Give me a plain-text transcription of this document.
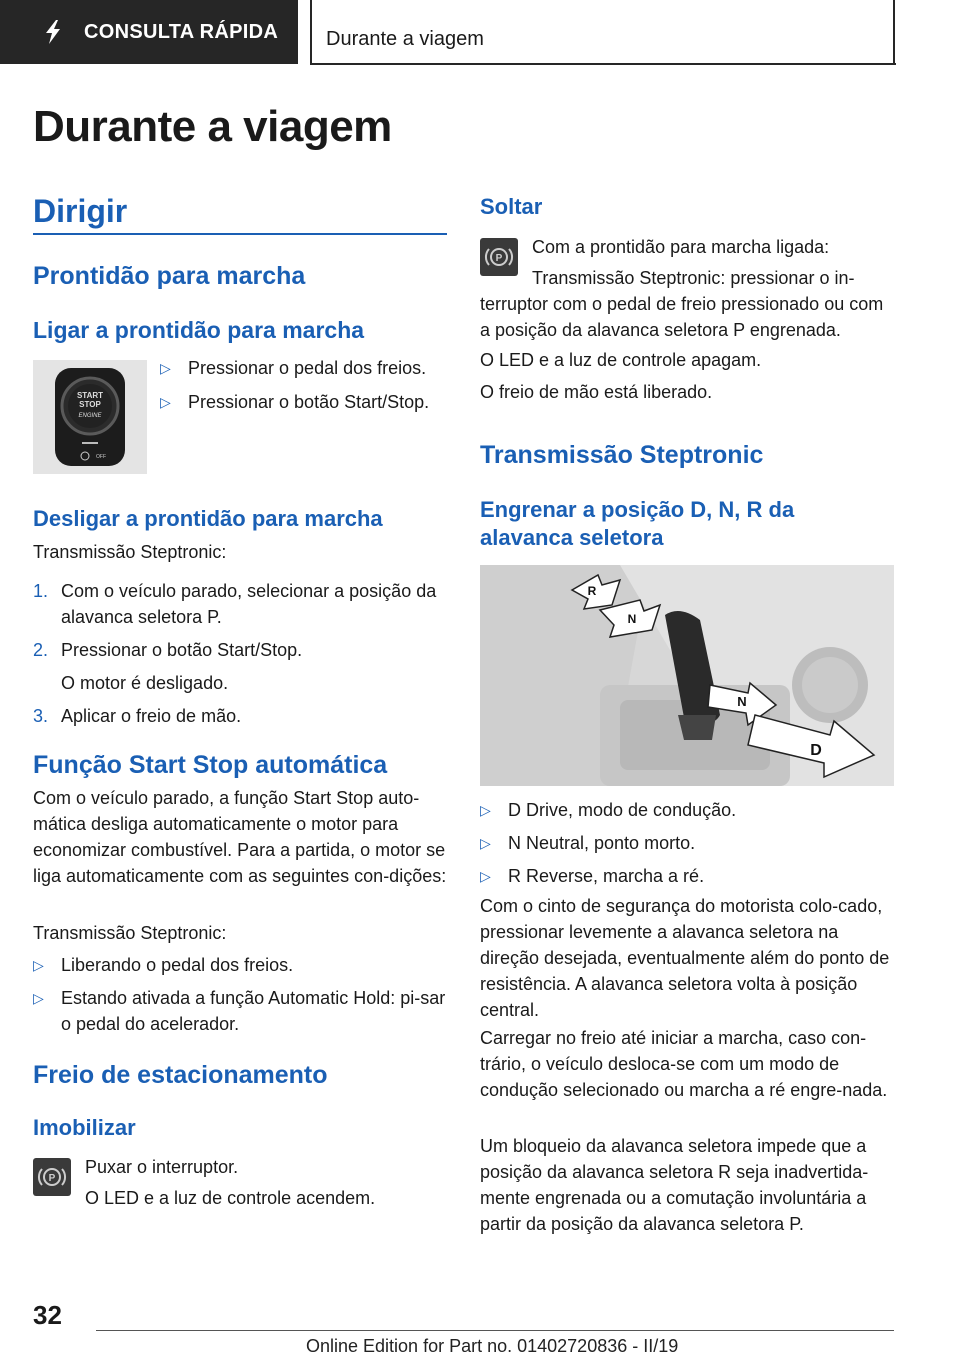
CONSULTA RÁPIDA Durante a viagem
Durante a viagem
Dirigir
Prontidão para marcha
Ligar a prontidão para marcha
START
STOP
ENGINE
OFF
▷ Pressionar o pedal dos freios.
▷ Pressionar o botão Start/Stop.
Desligar a prontidão para marcha

Transmissão Steptronic:

1. Com o veículo parado, selecionar a posição da alavanca seletora P.
2. Pressionar o botão Start/Stop.
O motor é desligado.
3. Aplicar o freio de mão.
Função Start Stop automática

Com o veículo parado, a função Start Stop auto-mática desliga automaticamente o motor para economizar combustível. Para a partida, o motor se liga automaticamente com as seguintes con-dições:

Transmissão Steptronic:

▷ Liberando o pedal dos freios.
▷ Estando ativada a função Automatic Hold: pi-sar o pedal do acelerador.
Freio de estacionamento
Imobilizar
P

Puxar o interruptor.

O LED e a luz de controle acendem.

Soltar
P

Com a prontidão para marcha ligada:

Transmissão Steptronic: pressionar o in-

terruptor com o pedal de freio pressionado ou com a posição da alavanca seletora P engrenada.

O LED e a luz de controle apagam.

O freio de mão está liberado.

Transmissão Steptronic
Engrenar a posição D, N, R da alavanca seletora
R
N
N
D
▷ D Drive, modo de condução.
▷ N Neutral, ponto morto.
▷ R Reverse, marcha a ré.

Com o cinto de segurança do motorista colo-cado, pressionar levemente a alavanca seletora na direção desejada, eventualmente além do ponto de resistência. A alavanca seletora volta à posição central.

Carregar no freio até iniciar a marcha, caso con-trário, o veículo desloca-se com um modo de condução selecionado ou marcha a ré engre-nada.

Um bloqueio da alavanca seletora impede que a posição da alavanca seletora R seja inadvertida-mente engrenada ou a comutação involuntária a partir da posição da alavanca seletora P.

32
Online Edition for Part no. 01402720836 - II/19
